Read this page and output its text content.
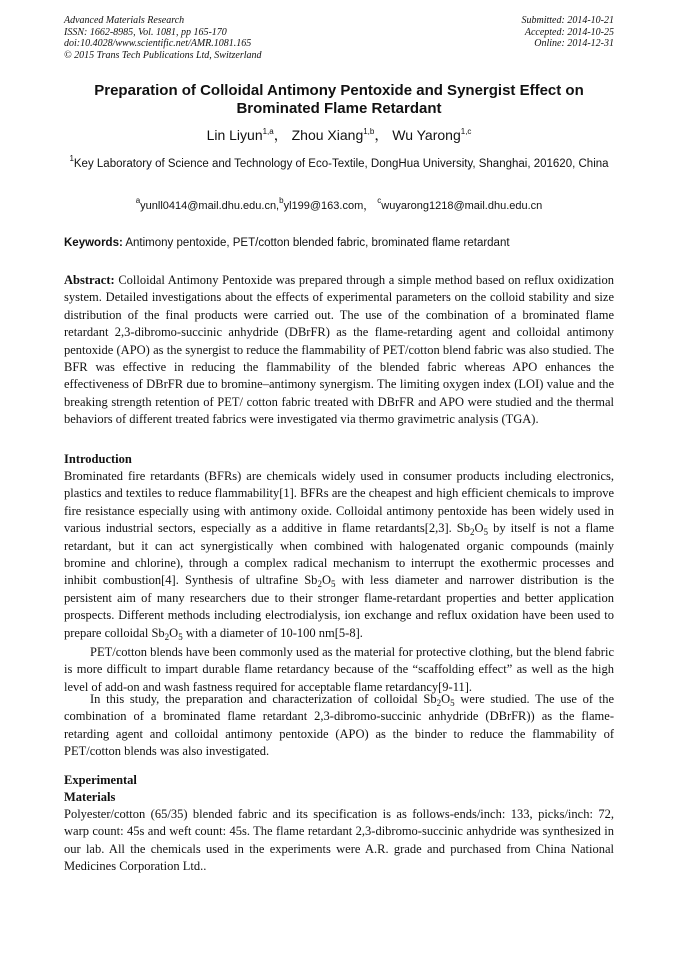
Advanced Materials Research
ISSN: 1662-8985, Vol. 1081, pp 165-170
doi:10.4028/www.scientific.net/AMR.1081.165
© 2015 Trans Tech Publications Ltd, Switzerland
Submitted: 2014-10-21
Accepted: 2014-10-25
Online: 2014-12-31
Preparation of Colloidal Antimony Pentoxide and Synergist Effect on
Brominated Flame Retardant
Lin Liyun$^{1,a}$， Zhou Xiang$^{1,b}$， Wu Yarong$^{1,c}$
$^1$Key Laboratory of Science and Technology of Eco-Textile, DongHua University, Shanghai, 201620, China
$^a$yunll0414@mail.dhu.edu.cn,$^b$yl199@163.com， $^c$wuyarong1218@mail.dhu.edu.cn
Keywords: Antimony pentoxide, PET/cotton blended fabric, brominated flame retardant

Abstract: Colloidal Antimony Pentoxide was prepared through a simple method based on reflux oxidization system. Detailed investigations about the effects of experimental parameters on the colloid stability and size distribution of the final products were carried out. The use of the combination of a brominated flame retardant 2,3-dibromo-succinic anhydride (DBrFR) as the flame-retarding agent and colloidal antimony pentoxide (APO) as the synergist to reduce the flammability of PET/cotton blend fabric was also studied. The BFR was effective in reducing the flammability of the blended fabric whereas APO enhances the effectiveness of DBrFR due to bromine–antimony synergism. The limiting oxygen index (LOI) value and the breaking strength retention of PET/ cotton fabric treated with DBrFR and APO were studied and the thermal behaviors of different treated fabrics were investigated via thermo gravimetric analysis (TGA).

Introduction

Brominated fire retardants (BFRs) are chemicals widely used in consumer products including electronics, plastics and textiles to reduce flammability[1]. BFRs are the cheapest and high efficient chemicals to improve fire resistance especially using with antimony oxide. Colloidal antimony pentoxide has been widely used in various industrial sectors, especially as a additive in flame retardants[2,3]. $Sb_2O_5$ by itself is not a flame retardant, but it can act synergistically when combined with halogenated organic compounds (mainly bromine and chlorine), through a complex radical mechanism to interrupt the exothermic processes and inhibit combustion[4]. Synthesis of ultrafine $Sb_2O_5$ with less diameter and narrower distribution is the persistent aim of many researchers due to their stronger flame-retardant properties and better application prospects. Different methods including electrodialysis, ion exchange and reflux oxidation have been used to prepare colloidal $Sb_2O_5$ with a diameter of 10-100 nm[5-8].

PET/cotton blends have been commonly used as the material for protective clothing, but the blend fabric is more difficult to impart durable flame retardancy because of the “scaffolding effect” as well as the high level of add-on and wash fastness required for acceptable flame retardancy[9-11].

In this study, the preparation and characterization of colloidal $Sb_2O_5$ were studied. The use of the combination of a brominated flame retardant 2,3-dibromo-succinic anhydride (DBrFR)) as the flame-retarding agent and colloidal antimony pentoxide (APO) as the binder to reduce the flammability of PET/cotton blends was also investigated.

Experimental
Materials

Polyester/cotton (65/35) blended fabric and its specification is as follows-ends/inch: 133, picks/inch: 72, warp count: 45s and weft count: 45s. The flame retardant 2,3-dibromo-succinic anhydride was synthesized in our lab. All the chemicals used in the experiments were A.R. grade and purchased from China National Medicines Corporation Ltd..
